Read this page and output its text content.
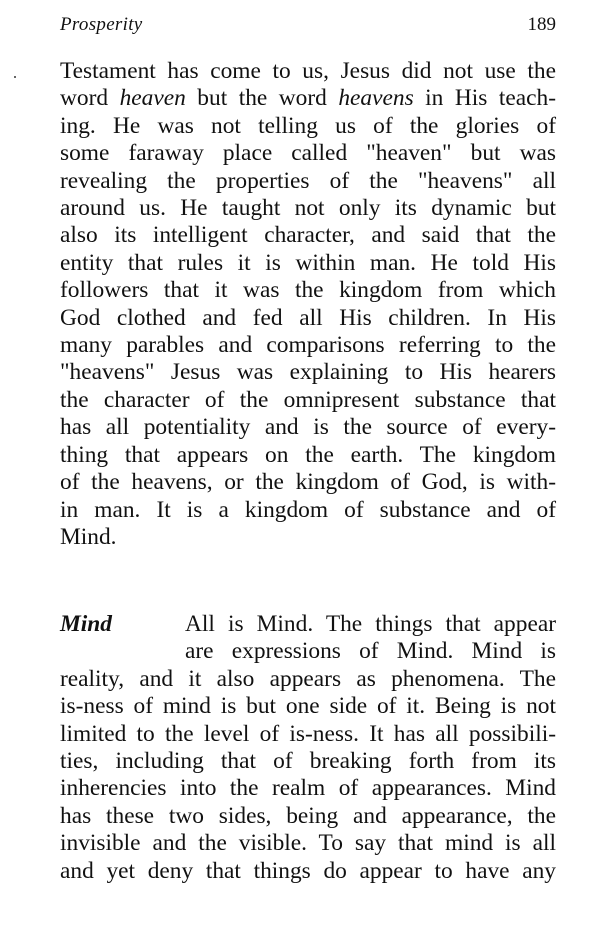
Prosperity	189
Testament has come to us, Jesus did not use the
word heaven but the word heavens in His teach-
ing. He was not telling us of the glories of
some faraway place called "heaven" but was
revealing the properties of the "heavens" all
around us. He taught not only its dynamic but
also its intelligent character, and said that the
entity that rules it is within man. He told His
followers that it was the kingdom from which
God clothed and fed all His children. In His
many parables and comparisons referring to the
"heavens" Jesus was explaining to His hearers
the character of the omnipresent substance that
has all potentiality and is the source of every-
thing that appears on the earth. The kingdom
of the heavens, or the kingdom of God, is with-
in man. It is a kingdom of substance and of
Mind.
Mind	All is Mind. The things that appear
are expressions of Mind. Mind is
reality, and it also appears as phenomena. The
is-ness of mind is but one side of it. Being is not
limited to the level of is-ness. It has all possibili-
ties, including that of breaking forth from its
inherencies into the realm of appearances. Mind
has these two sides, being and appearance, the
invisible and the visible. To say that mind is all
and yet deny that things do appear to have any
